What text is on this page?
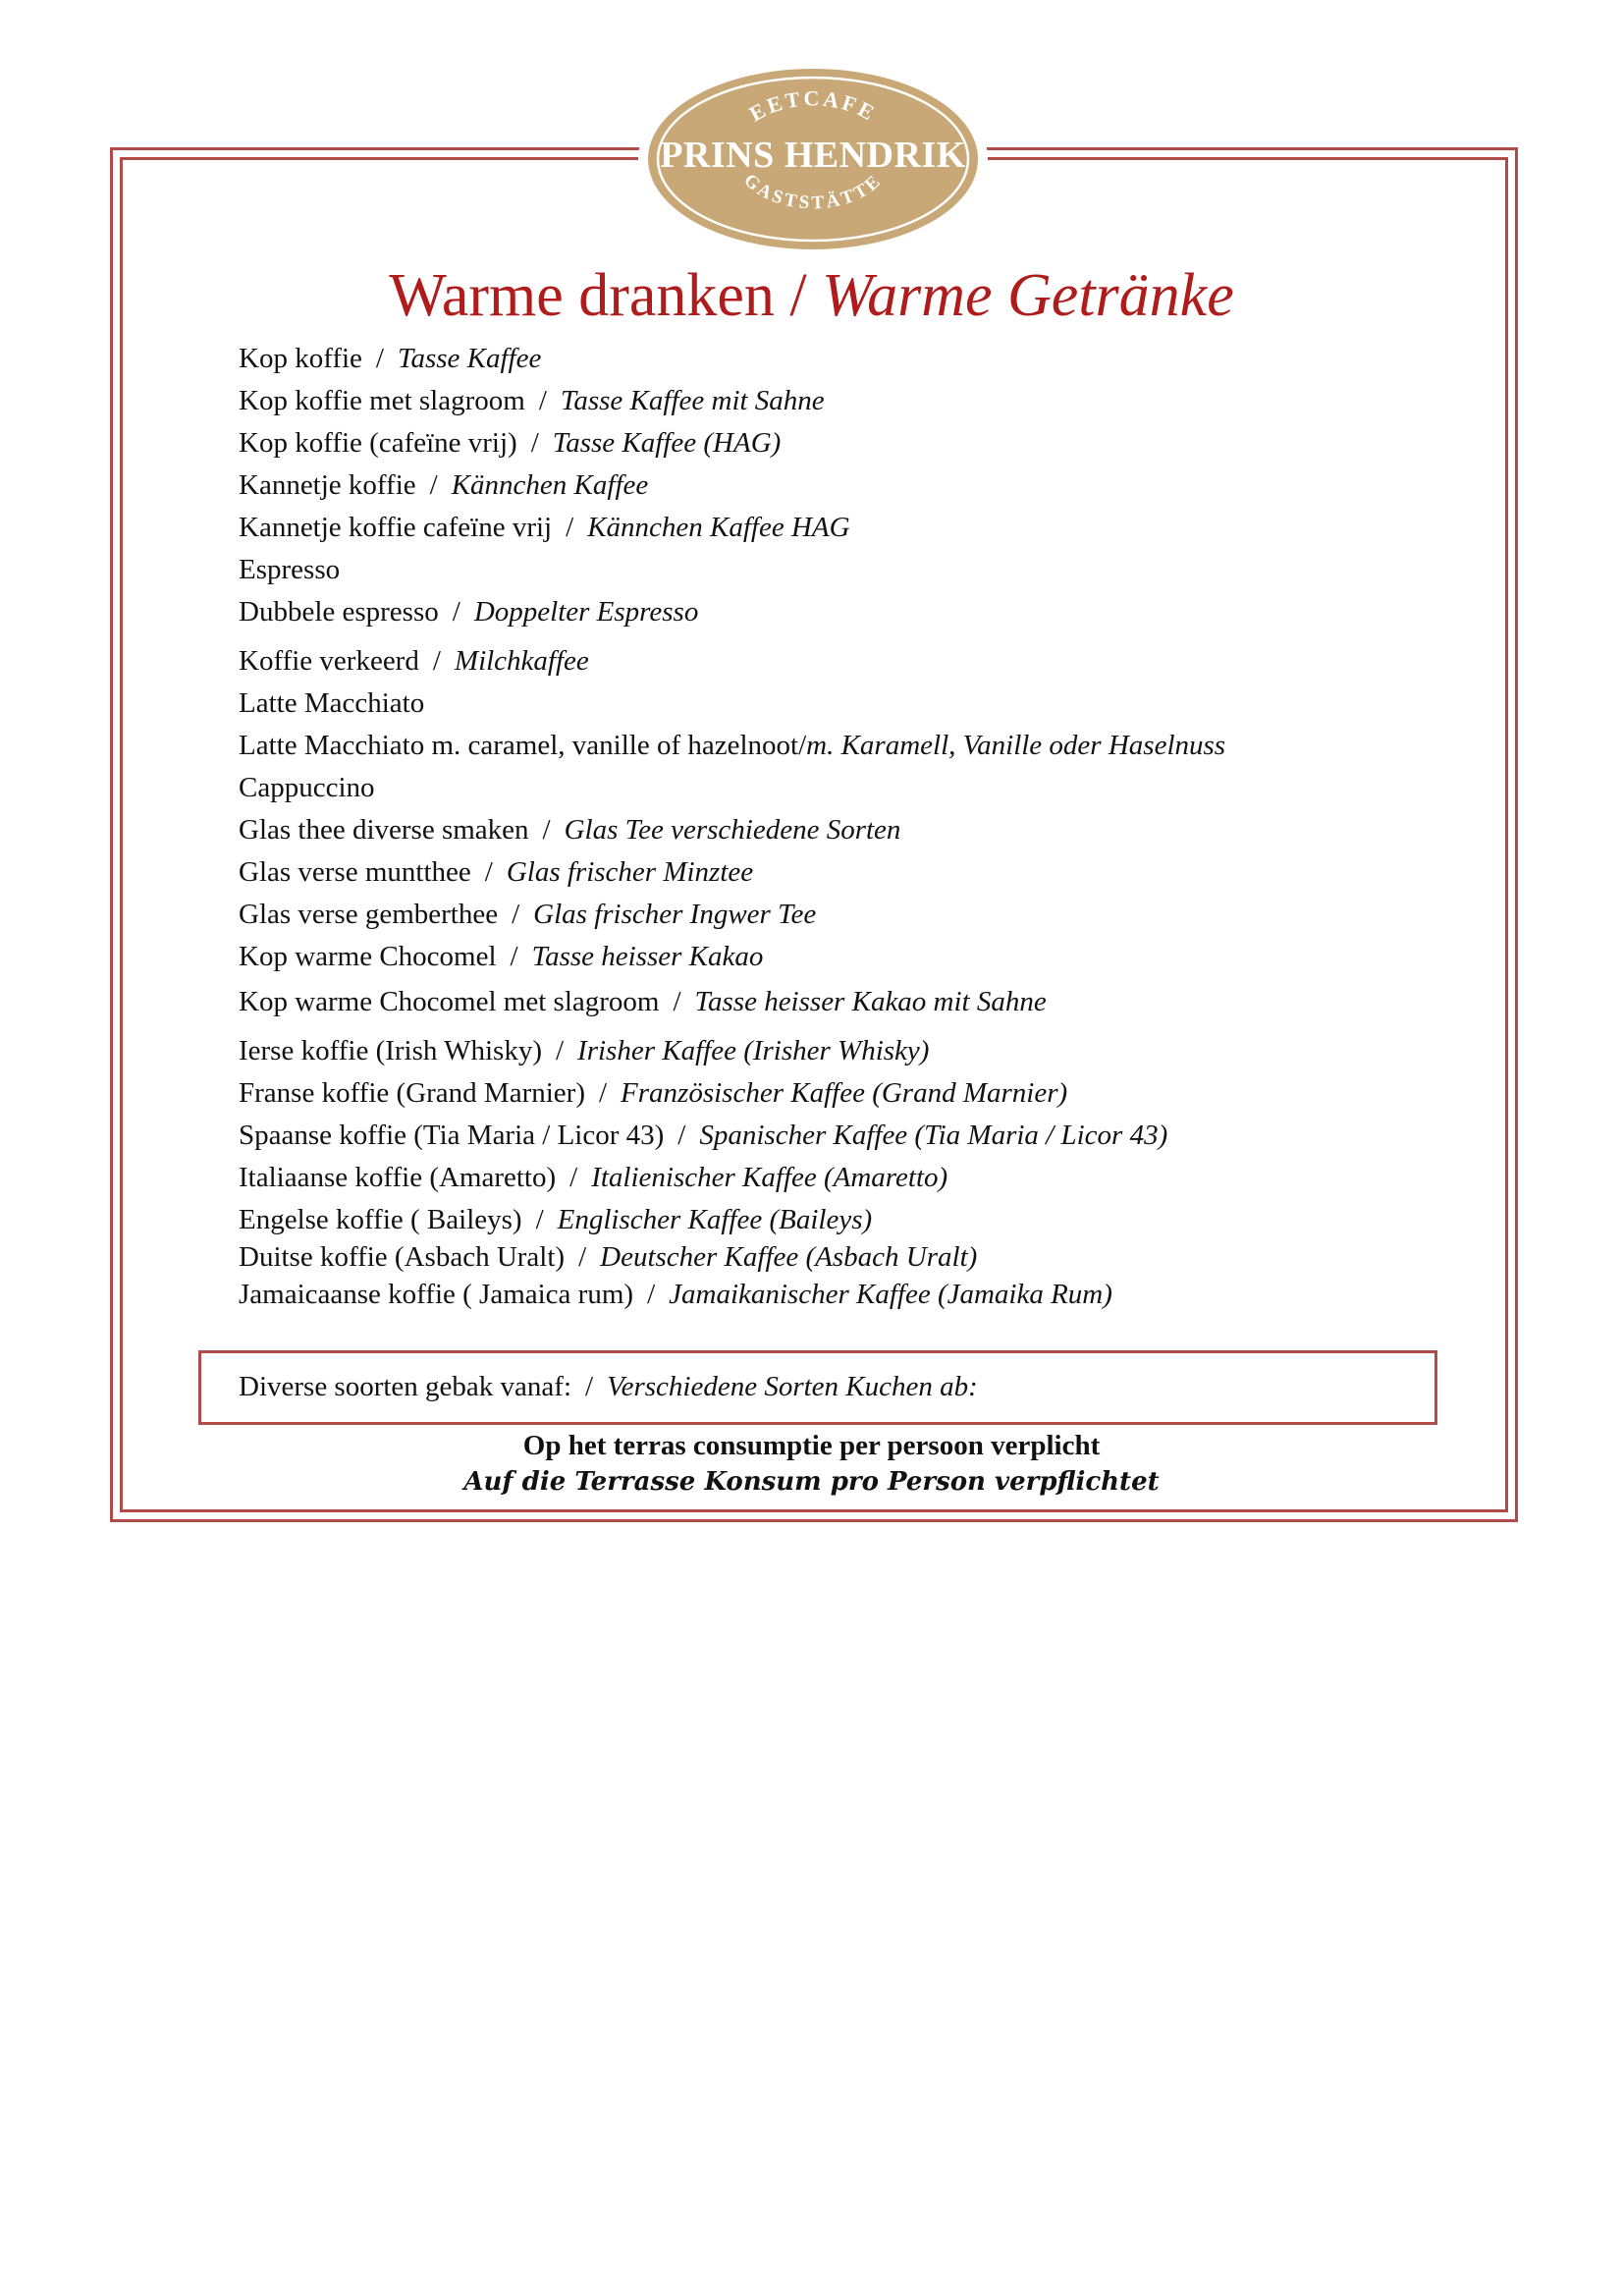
EETCAFE
GASTSTÄTTE
PRINS HENDRIK
Warme dranken / Warme Getränke
Kop koffie / Tasse Kaffee
Kop koffie met slagroom / Tasse Kaffee mit Sahne
Kop koffie (cafeïne vrij) / Tasse Kaffee (HAG)
Kannetje koffie / Kännchen Kaffee
Kannetje koffie cafeïne vrij / Kännchen Kaffee HAG
Espresso
Dubbele espresso / Doppelter Espresso
Koffie verkeerd / Milchkaffee
Latte Macchiato
Latte Macchiato m. caramel, vanille of hazelnoot/m. Karamell, Vanille oder Haselnuss
Cappuccino
Glas thee diverse smaken / Glas Tee verschiedene Sorten
Glas verse muntthee / Glas frischer Minztee
Glas verse gemberthee / Glas frischer Ingwer Tee
Kop warme Chocomel / Tasse heisser Kakao
Kop warme Chocomel met slagroom / Tasse heisser Kakao mit Sahne
Ierse koffie (Irish Whisky) / Irisher Kaffee (Irisher Whisky)
Franse koffie (Grand Marnier) / Französischer Kaffee (Grand Marnier)
Spaanse koffie (Tia Maria / Licor 43) / Spanischer Kaffee (Tia Maria / Licor 43)
Italiaanse koffie (Amaretto) / Italienischer Kaffee (Amaretto)
Engelse koffie ( Baileys) / Englischer Kaffee (Baileys)
Duitse koffie (Asbach Uralt) / Deutscher Kaffee (Asbach Uralt)
Jamaicaanse koffie ( Jamaica rum) / Jamaikanischer Kaffee (Jamaika Rum)
Diverse soorten gebak vanaf: / Verschiedene Sorten Kuchen ab:
Op het terras consumptie per persoon verplicht
Auf die Terrasse Konsum pro Person verpflichtet
